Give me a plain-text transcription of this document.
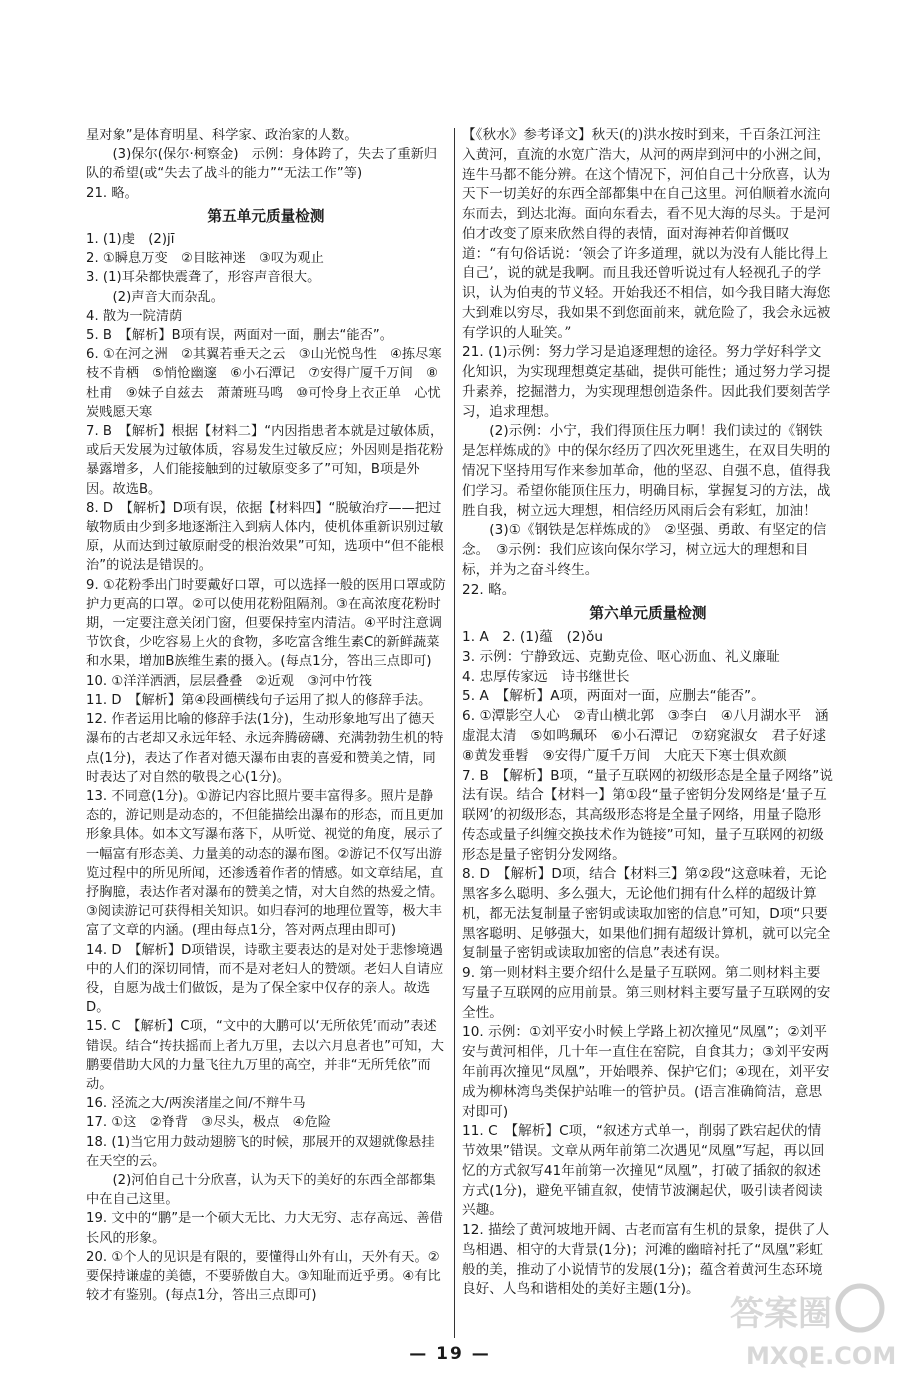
星对象”是体育明星、科学家、政治家的人数。

　　(3)保尔(保尔·柯察金)　示例：身体跨了，失去了重新归队的希望(或“失去了战斗的能力”“无法工作”等)

21. 略。

第五单元质量检测

1. (1)虔　(2)jī

2. ①瞬息万变　②目眩神迷　③叹为观止

3. (1)耳朵都快震聋了，形容声音很大。

　　(2)声音大而杂乱。

4. 散为一院清荫

5. B　【解析】B项有误，两面对一面，删去“能否”。

6. ①在河之洲　②其翼若垂天之云　③山光悦鸟性　④拣尽寒枝不肯栖　⑤悄怆幽邃　⑥小石潭记　⑦安得广厦千万间　⑧杜甫　⑨妹子自兹去　萧萧班马鸣　⑩可怜身上衣正单　心忧炭贱愿天寒

7. B　【解析】根据【材料二】“内因指患者本就是过敏体质，或后天发展为过敏体质，容易发生过敏反应；外因则是指花粉暴露增多，人们能接触到的过敏原变多了”可知，B项是外因。故选B。

8. D　【解析】D项有误，依据【材料四】“脱敏治疗——把过敏物质由少到多地逐渐注入到病人体内，使机体重新识别过敏原，从而达到过敏原耐受的根治效果”可知，选项中“但不能根治”的说法是错误的。

9. ①花粉季出门时要戴好口罩，可以选择一般的医用口罩或防护力更高的口罩。②可以使用花粉阻隔剂。③在高浓度花粉时期，一定要注意关闭门窗，但要保持室内清洁。④平时注意调节饮食，少吃容易上火的食物，多吃富含维生素C的新鲜蔬菜和水果，增加B族维生素的摄入。(每点1分，答出三点即可)

10. ①洋洋洒洒，层层叠叠　②近观　③河中竹筏

11. D　【解析】第④段画横线句子运用了拟人的修辞手法。

12. 作者运用比喻的修辞手法(1分)，生动形象地写出了德天瀑布的古老却又永远年轻、永远奔腾磅礴、充满勃勃生机的特点(1分)，表达了作者对德天瀑布由衷的喜爱和赞美之情，同时表达了对自然的敬畏之心(1分)。

13. 不同意(1分)。①游记内容比照片要丰富得多。照片是静态的，游记则是动态的，不但能描绘出瀑布的形态，而且更加形象具体。如本文写瀑布落下，从听觉、视觉的角度，展示了一幅富有形态美、力量美的动态的瀑布图。②游记不仅写出游览过程中的所见所闻，还渗透着作者的情感。如文章结尾，直抒胸臆，表达作者对瀑布的赞美之情，对大自然的热爱之情。③阅读游记可获得相关知识。如归春河的地理位置等，极大丰富了文章的内涵。(理由每点1分，答对两点理由即可)

14. D　【解析】D项错误，诗歌主要表达的是对处于悲惨境遇中的人们的深切同情，而不是对老妇人的赞颂。老妇人自请应役，自愿为战士们做饭，是为了保全家中仅存的亲人。故选D。

15. C　【解析】C项，“文中的大鹏可以‘无所依凭’而动”表述错误。结合“抟扶摇而上者九万里，去以六月息者也”可知，大鹏要借助大风的力量飞往九万里的高空，并非“无所凭依”而动。

16. 泾流之大/两涘渚崖之间/不辩牛马

17. ①这　②脊背　③尽头，极点　④危险

18. (1)当它用力鼓动翅膀飞的时候，那展开的双翅就像悬挂在天空的云。

　　(2)河伯自己十分欣喜，认为天下的美好的东西全部都集中在自己这里。

19. 文中的“鹏”是一个硕大无比、力大无穷、志存高远、善借长风的形象。

20. ①个人的见识是有限的，要懂得山外有山，天外有天。②要保持谦虚的美德，不要骄傲自大。③知耻而近乎勇。④有比较才有鉴别。(每点1分，答出三点即可)

【《秋水》参考译文】秋天(的)洪水按时到来，千百条江河注入黄河，直流的水宽广浩大，从河的两岸到河中的小洲之间，连牛马都不能分辨。在这个情况下，河伯自己十分欣喜，认为天下一切美好的东西全部都集中在自己这里。河伯顺着水流向东而去，到达北海。面向东看去，看不见大海的尽头。于是河伯才改变了原来欣然自得的表情，面对海神若仰首慨叹道：“有句俗话说：‘领会了许多道理，就以为没有人能比得上自己’，说的就是我啊。而且我还曾听说过有人轻视孔子的学识，认为伯夷的节义轻。开始我还不相信，如今我目睹大海您大到难以穷尽，我如果不到您面前来，就危险了，我会永远被有学识的人耻笑。”

21. (1)示例：努力学习是追逐理想的途径。努力学好科学文化知识，为实现理想奠定基础，提供可能性；通过努力学习提升素养，挖掘潜力，为实现理想创造条件。因此我们要刻苦学习，追求理想。

　　(2)示例：小宁，我们得顶住压力啊！我们读过的《钢铁是怎样炼成的》中的保尔经历了四次死里逃生，在双目失明的情况下坚持用写作来参加革命，他的坚忍、自强不息，值得我们学习。希望你能顶住压力，明确目标，掌握复习的方法，战胜自我，树立远大理想，相信经历风雨后会有彩虹，加油！

　　(3)①《钢铁是怎样炼成的》　②坚强、勇敢、有坚定的信念。　③示例：我们应该向保尔学习，树立远大的理想和目标，并为之奋斗终生。

22. 略。

第六单元质量检测

1. A　2. (1)蕴　(2)ǒu

3. 示例：宁静致远、克勤克俭、呕心沥血、礼义廉耻

4. 忠厚传家远　诗书继世长

5. A　【解析】A项，两面对一面，应删去“能否”。

6. ①潭影空人心　②青山横北郭　③李白　④八月湖水平　涵虚混太清　⑤如鸣珮环　⑥小石潭记　⑦窈窕淑女　君子好逑　⑧黄发垂髫　⑨安得广厦千万间　大庇天下寒士俱欢颜

7. B　【解析】B项，“量子互联网的初级形态是全量子网络”说法有误。结合【材料一】第①段“量子密钥分发网络是‘量子互联网’的初级形态，其高级形态将是全量子网络，用量子隐形传态或量子纠缠交换技术作为链接”可知，量子互联网的初级形态是量子密钥分发网络。

8. D　【解析】D项，结合【材料三】第②段“这意味着，无论黑客多么聪明、多么强大，无论他们拥有什么样的超级计算机，都无法复制量子密钥或读取加密的信息”可知，D项“只要黑客聪明、足够强大，如果他们拥有超级计算机，就可以完全复制量子密钥或读取加密的信息”表述有误。

9. 第一则材料主要介绍什么是量子互联网。第二则材料主要写量子互联网的应用前景。第三则材料主要写量子互联网的安全性。

10. 示例：①刘平安小时候上学路上初次撞见“凤凰”；②刘平安与黄河相伴，几十年一直住在窑院，自食其力；③刘平安两年前再次撞见“凤凰”，开始喂养、保护它们；④现在，刘平安成为柳林湾鸟类保护站唯一的管护员。(语言准确简洁，意思对即可)

11. C　【解析】C项，“叙述方式单一，削弱了跌宕起伏的情节效果”错误。文章从两年前第二次遇见“凤凰”写起，再以回忆的方式叙写41年前第一次撞见“凤凰”，打破了插叙的叙述方式(1分)，避免平铺直叙，使情节波澜起伏，吸引读者阅读兴趣。

12. 描绘了黄河坡地开阔、古老而富有生机的景象，提供了人鸟相遇、相守的大背景(1分)；河滩的幽暗衬托了“凤凰”彩虹般的美，推动了小说情节的发展(1分)；蕴含着黄河生态环境良好、人鸟和谐相处的美好主题(1分)。

— 19 —
答案圈
MXQE.COM
